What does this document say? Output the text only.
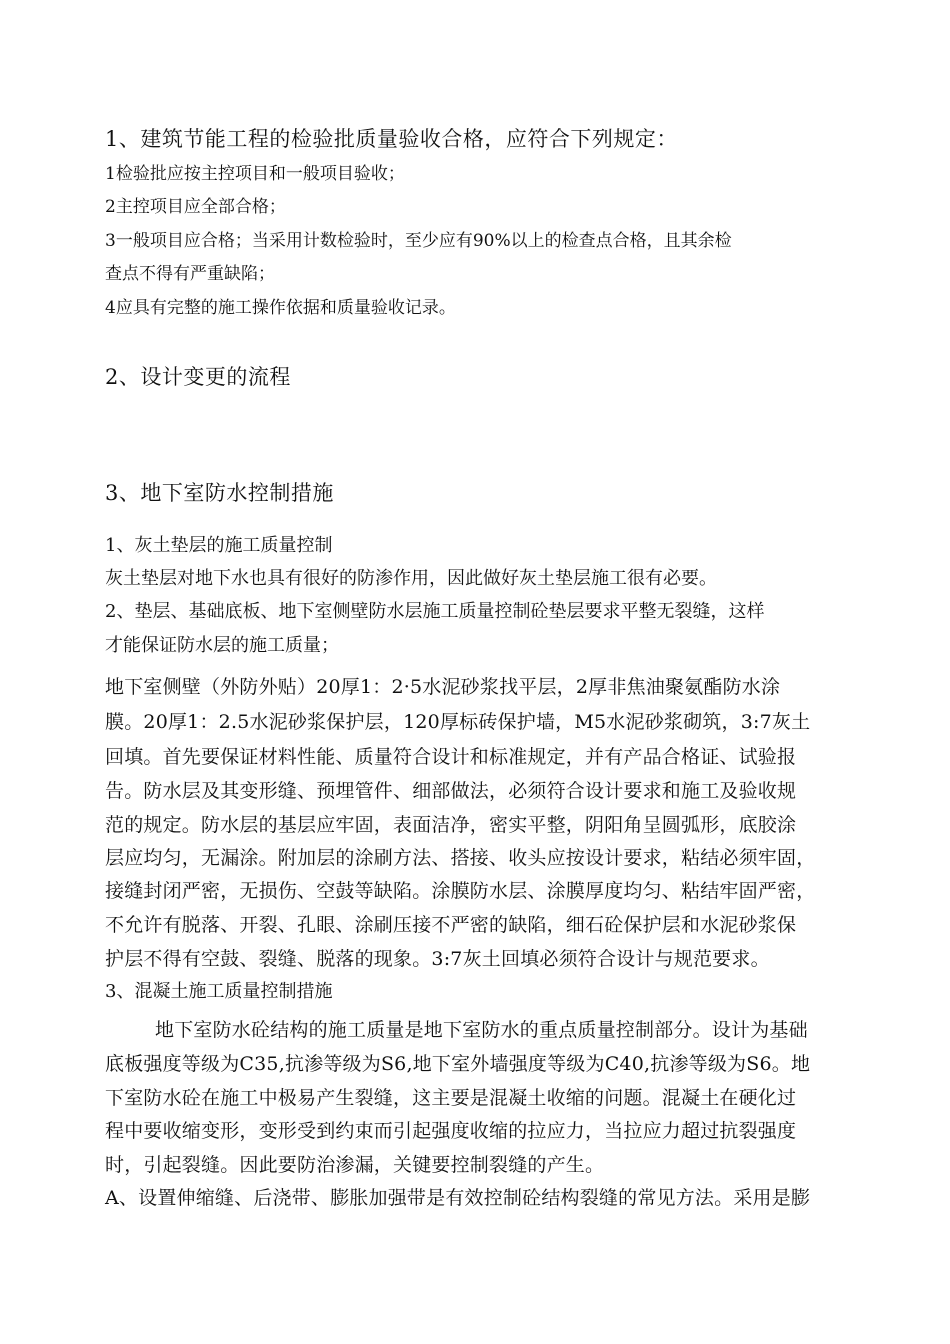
1、建筑节能工程的检验批质量验收合格，应符合下列规定：
1检验批应按主控项目和一般项目验收；
2主控项目应全部合格；
3一般项目应合格；当采用计数检验时，至少应有90%以上的检查点合格，且其余检
查点不得有严重缺陷；
4应具有完整的施工操作依据和质量验收记录。
2、设计变更的流程
3、地下室防水控制措施
1、灰土垫层的施工质量控制
灰土垫层对地下水也具有很好的防渗作用，因此做好灰土垫层施工很有必要。
2、垫层、基础底板、地下室侧壁防水层施工质量控制砼垫层要求平整无裂缝，这样
才能保证防水层的施工质量；
地下室侧壁（外防外贴）20厚1：2·5水泥砂浆找平层，2厚非焦油聚氨酯防水涂
膜。20厚1：2.5水泥砂浆保护层，120厚标砖保护墙，M5水泥砂浆砌筑，3:7灰土
回填。首先要保证材料性能、质量符合设计和标准规定，并有产品合格证、试验报
告。防水层及其变形缝、预埋管件、细部做法，必须符合设计要求和施工及验收规
范的规定。防水层的基层应牢固，表面洁净，密实平整，阴阳角呈圆弧形，底胶涂
层应均匀，无漏涂。附加层的涂刷方法、搭接、收头应按设计要求，粘结必须牢固，
接缝封闭严密，无损伤、空鼓等缺陷。涂膜防水层、涂膜厚度均匀、粘结牢固严密，
不允许有脱落、开裂、孔眼、涂刷压接不严密的缺陷，细石砼保护层和水泥砂浆保
护层不得有空鼓、裂缝、脱落的现象。3:7灰土回填必须符合设计与规范要求。
3、混凝土施工质量控制措施
地下室防水砼结构的施工质量是地下室防水的重点质量控制部分。设计为基础
底板强度等级为C35,抗渗等级为S6,地下室外墙强度等级为C40,抗渗等级为S6。地
下室防水砼在施工中极易产生裂缝，这主要是混凝土收缩的问题。混凝土在硬化过
程中要收缩变形，变形受到约束而引起强度收缩的拉应力，当拉应力超过抗裂强度
时，引起裂缝。因此要防治渗漏，关键要控制裂缝的产生。
A、设置伸缩缝、后浇带、膨胀加强带是有效控制砼结构裂缝的常见方法。采用是膨
